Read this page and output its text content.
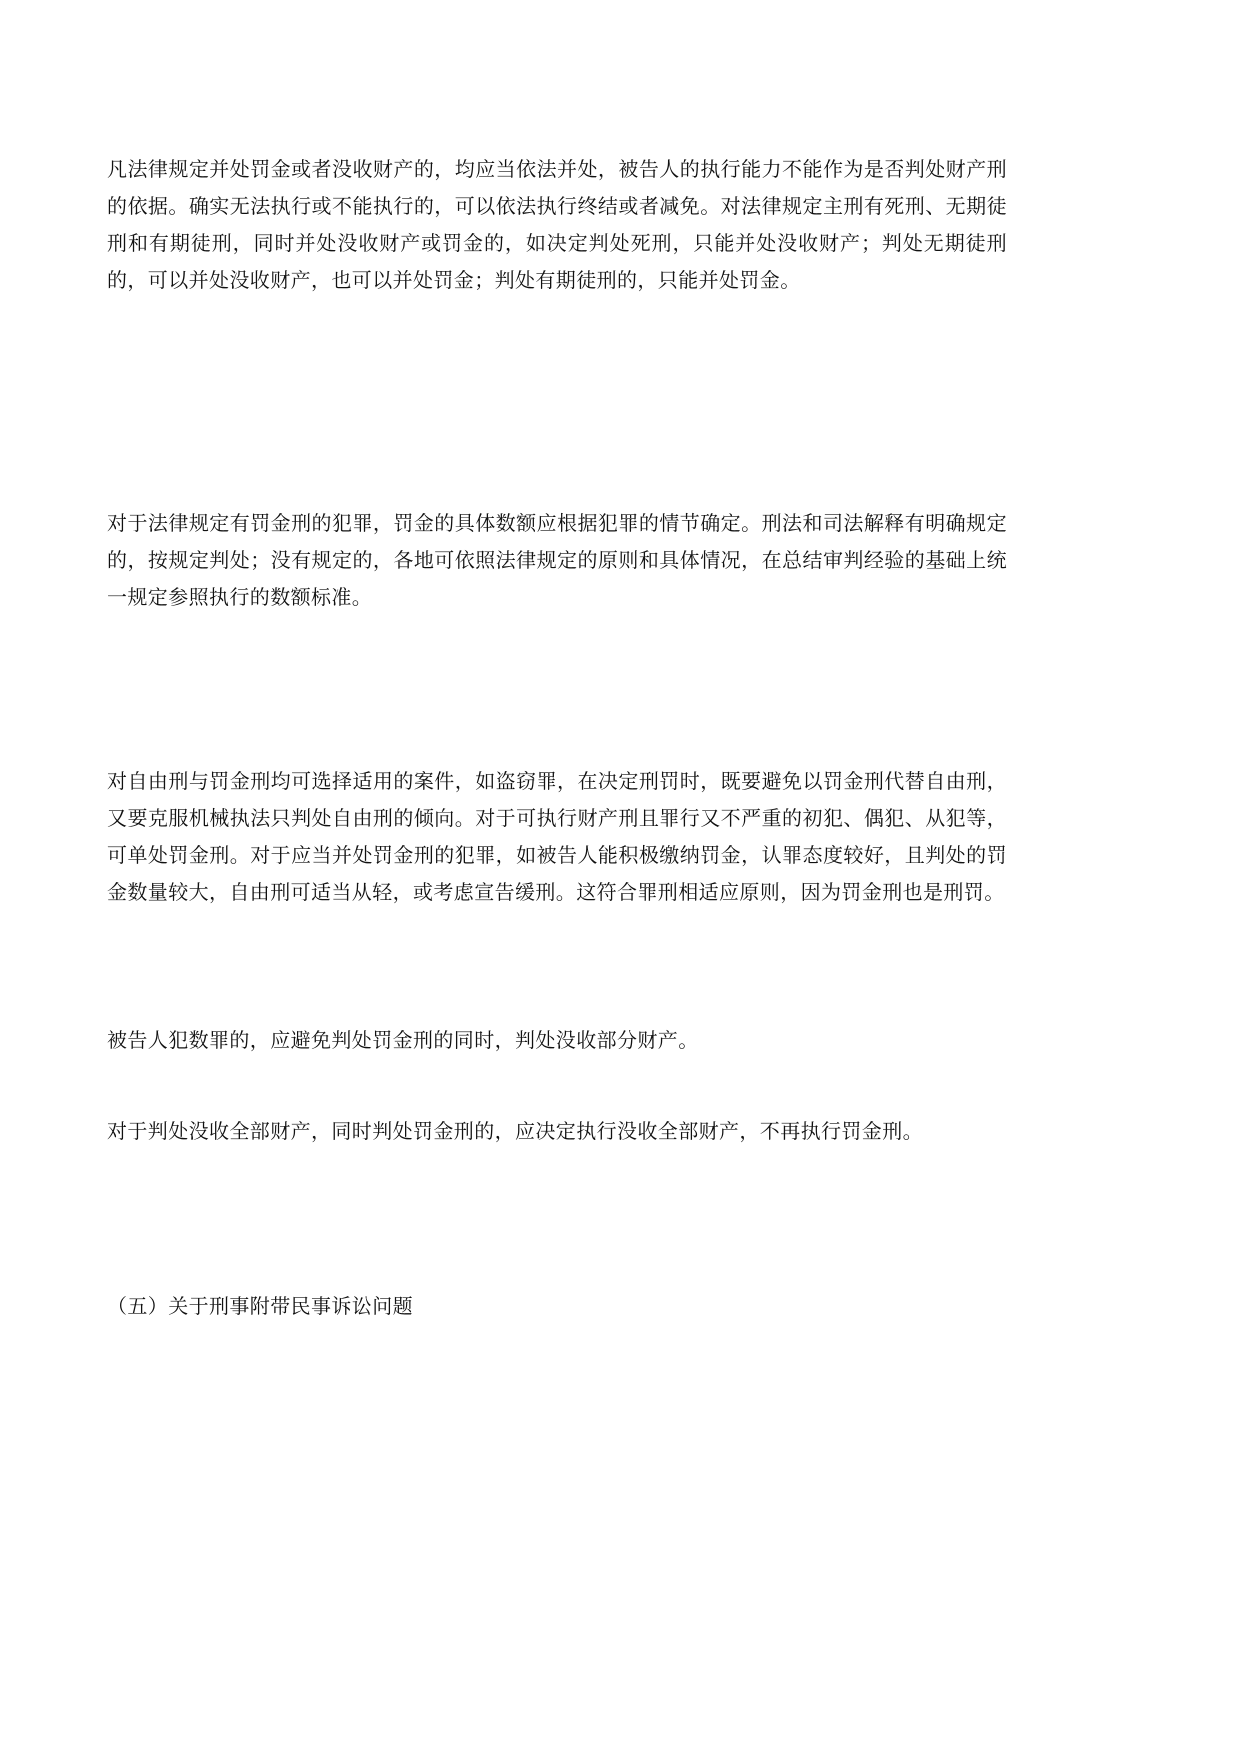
凡法律规定并处罚金或者没收财产的，均应当依法并处，被告人的执行能力不能作为是否判处财产刑的依据。确实无法执行或不能执行的，可以依法执行终结或者减免。对法律规定主刑有死刑、无期徒刑和有期徒刑，同时并处没收财产或罚金的，如决定判处死刑，只能并处没收财产；判处无期徒刑的，可以并处没收财产，也可以并处罚金；判处有期徒刑的，只能并处罚金。

对于法律规定有罚金刑的犯罪，罚金的具体数额应根据犯罪的情节确定。刑法和司法解释有明确规定的，按规定判处；没有规定的，各地可依照法律规定的原则和具体情况，在总结审判经验的基础上统一规定参照执行的数额标准。

对自由刑与罚金刑均可选择适用的案件，如盗窃罪，在决定刑罚时，既要避免以罚金刑代替自由刑，又要克服机械执法只判处自由刑的倾向。对于可执行财产刑且罪行又不严重的初犯、偶犯、从犯等，可单处罚金刑。对于应当并处罚金刑的犯罪，如被告人能积极缴纳罚金，认罪态度较好，且判处的罚金数量较大，自由刑可适当从轻，或考虑宣告缓刑。这符合罪刑相适应原则，因为罚金刑也是刑罚。

被告人犯数罪的，应避免判处罚金刑的同时，判处没收部分财产。

对于判处没收全部财产，同时判处罚金刑的，应决定执行没收全部财产，不再执行罚金刑。

（五）关于刑事附带民事诉讼问题
